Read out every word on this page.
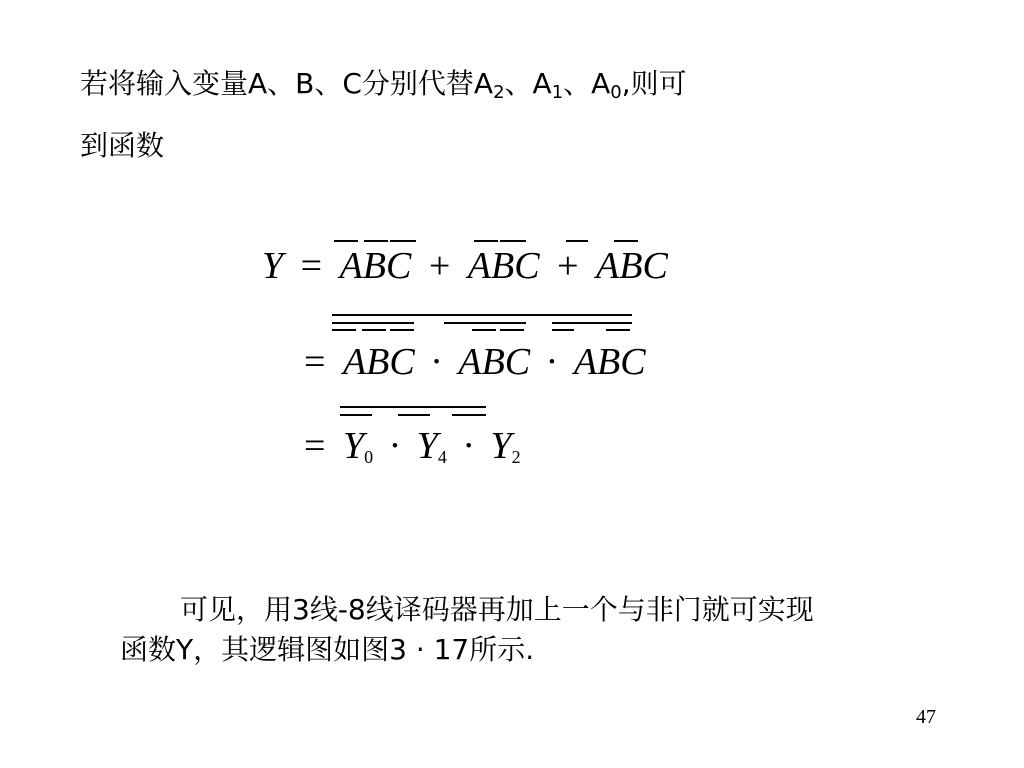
若将输入变量A、B、C分别代替$A_2$、$A_1$、$A_0$,则可
到函数
Y = ABC + ABC + ABC
= ABC · ABC · ABC
= $Y_0 \cdot Y_4 \cdot Y_2$
可见，用3线-8线译码器再加上一个与非门就可实现
函数Y，其逻辑图如图3 · 17所示.
47
